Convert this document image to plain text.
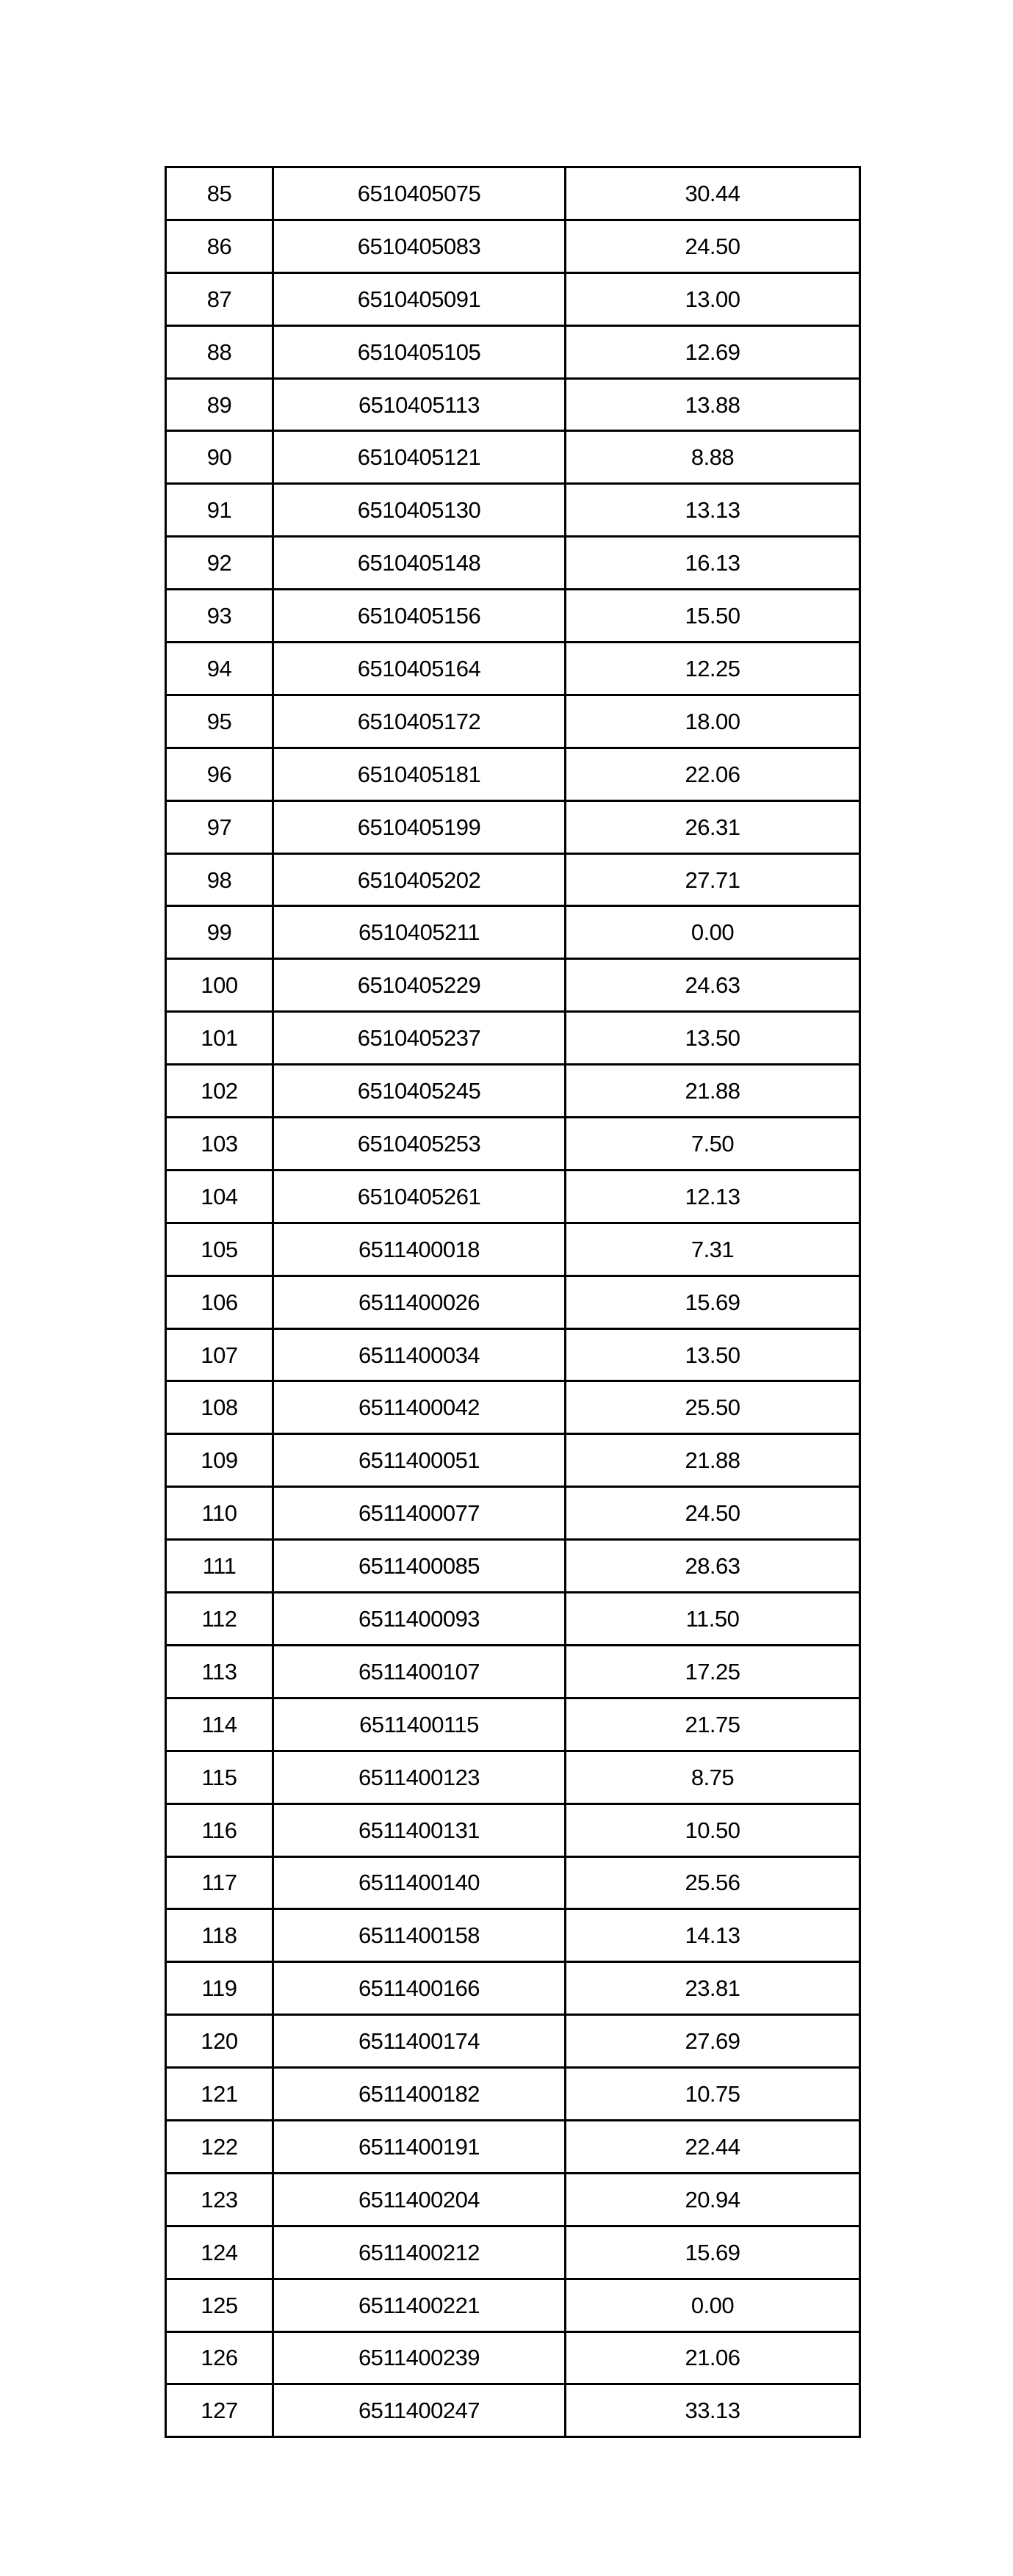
85	6510405075	30.44
86	6510405083	24.50
87	6510405091	13.00
88	6510405105	12.69
89	6510405113	13.88
90	6510405121	8.88
91	6510405130	13.13
92	6510405148	16.13
93	6510405156	15.50
94	6510405164	12.25
95	6510405172	18.00
96	6510405181	22.06
97	6510405199	26.31
98	6510405202	27.71
99	6510405211	0.00
100	6510405229	24.63
101	6510405237	13.50
102	6510405245	21.88
103	6510405253	7.50
104	6510405261	12.13
105	6511400018	7.31
106	6511400026	15.69
107	6511400034	13.50
108	6511400042	25.50
109	6511400051	21.88
110	6511400077	24.50
111	6511400085	28.63
112	6511400093	11.50
113	6511400107	17.25
114	6511400115	21.75
115	6511400123	8.75
116	6511400131	10.50
117	6511400140	25.56
118	6511400158	14.13
119	6511400166	23.81
120	6511400174	27.69
121	6511400182	10.75
122	6511400191	22.44
123	6511400204	20.94
124	6511400212	15.69
125	6511400221	0.00
126	6511400239	21.06
127	6511400247	33.13
